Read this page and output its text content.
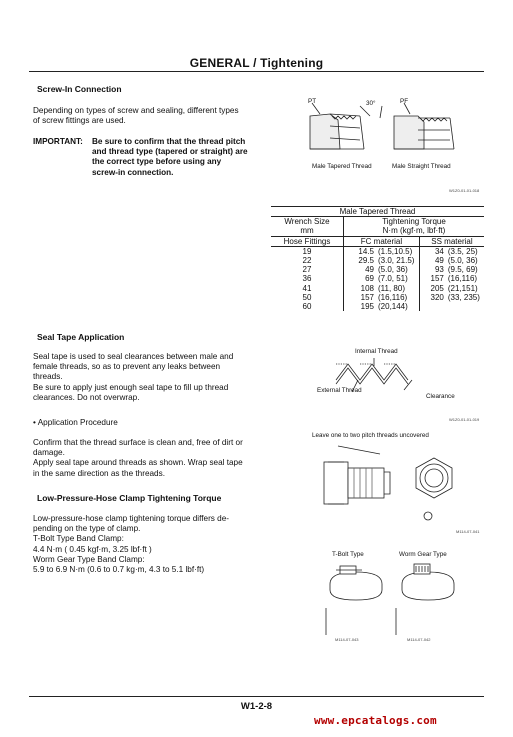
GENERAL / Tightening
Screw-In Connection
Depending on types of screw and sealing, different types
of screw fittings are used.
IMPORTANT: Be sure to confirm that the thread pitch
and thread type (tapered or straight) are
the correct type before using any
screw-in connection.
PT	PF
30°
Male Tapered Thread	Male Straight Thread
W1Z0-01-01-018
Male Tapered Thread		
Wrench Size	Tightening Torque	
mm	N·m (kgf·m, lbf·ft)	
Hose Fittings	FC material	SS material
19	14.5 (1.5,10.5)	34 (3.5, 25)
22	29.5 (3.0, 21.5)	49 (5.0, 36)
27	49 (5.0, 36)	93 (9.5, 69)
36	69 (7.0, 51)	157 (16,116)
41	108 (11, 80)	205 (21,151)
50	157 (16,116)	320 (33, 235)
60	195 (20,144)	
Seal Tape Application
Seal tape is used to seal clearances between male and
female threads, so as to prevent any leaks between
threads.
Be sure to apply just enough seal tape to fill up thread
clearances. Do not overwrap.
• Application Procedure
Confirm that the thread surface is clean and, free of dirt or
damage.
Apply seal tape around threads as shown. Wrap seal tape
in the same direction as the threads.
Internal Thread
External Thread
Clearance
W1Z0-01-01-019
Leave one to two pitch threads uncovered
M114-07-041
Low-Pressure-Hose Clamp Tightening Torque
Low-pressure-hose clamp tightening torque differs de-
pending on the type of clamp.
T-Bolt Type Band Clamp:
4.4 N·m ( 0.45 kgf·m, 3.25 lbf·ft )
Worm Gear Type Band Clamp:
5.9 to 6.9 N·m (0.6 to 0.7 kg·m, 4.3 to 5.1 lbf·ft)
T-Bolt Type	Worm Gear Type
M114-07-043	M114-07-042
W1-2-8
www.epcatalogs.com
